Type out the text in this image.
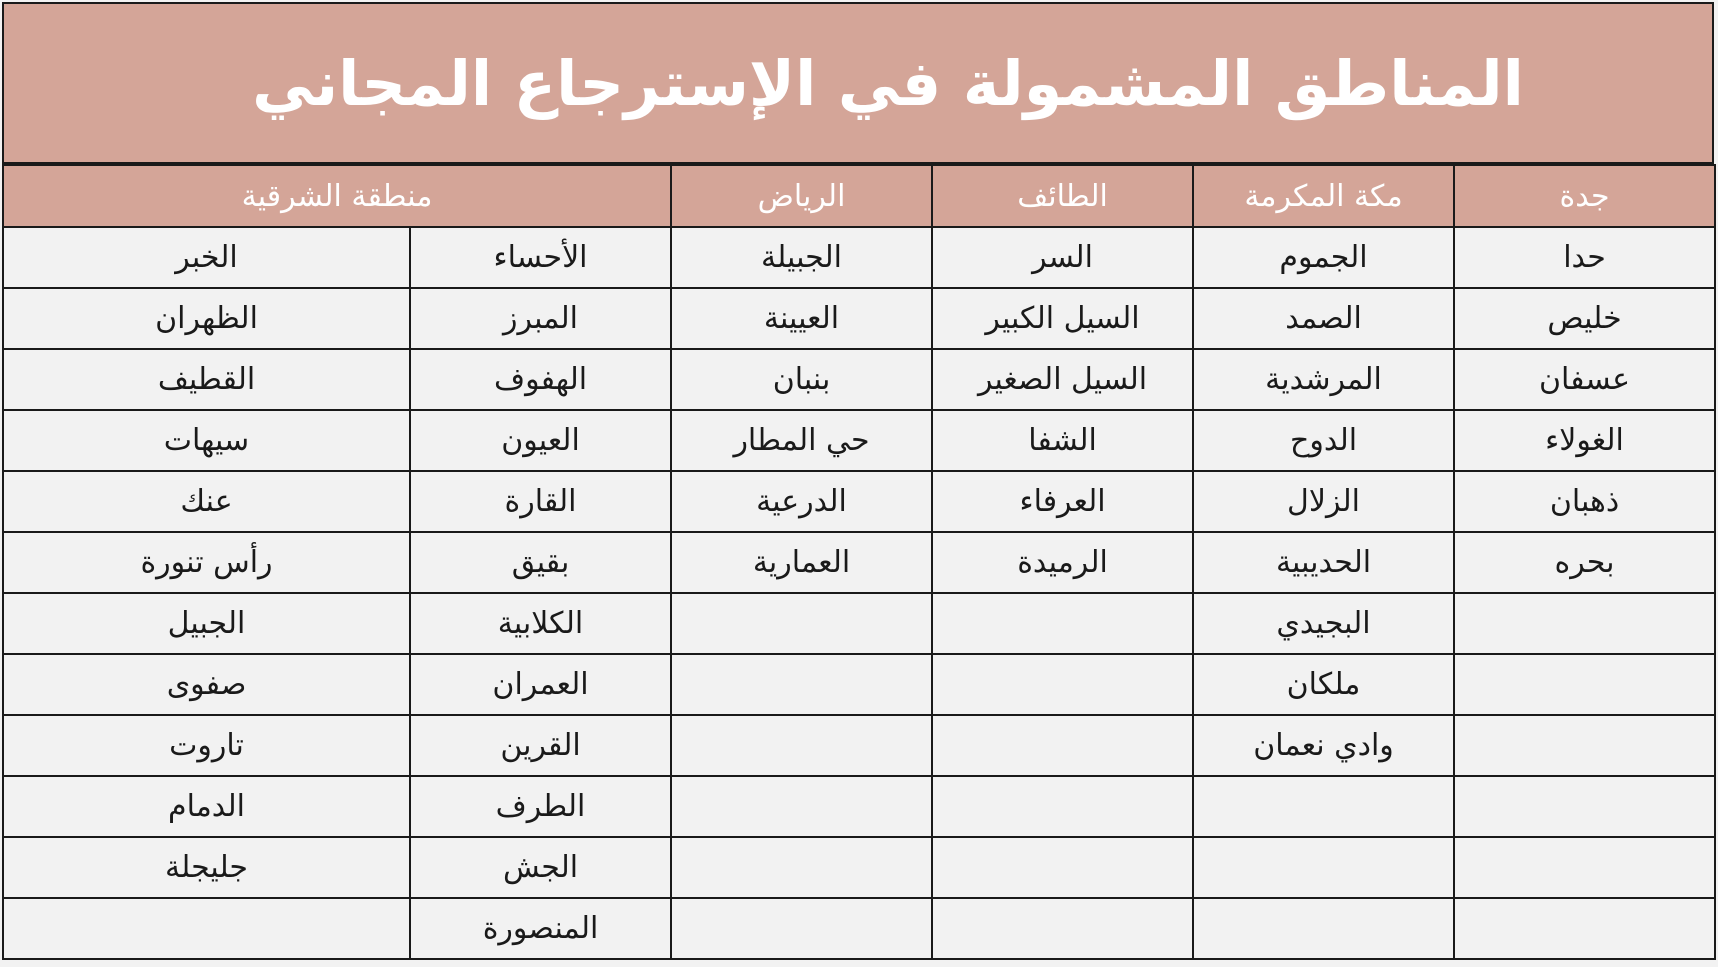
المناطق المشمولة في الإسترجاع المجاني
جدة	مكة المكرمة	الطائف	الرياض	منطقة الشرقية	
حدا	الجموم	السر	الجبيلة	الأحساء	الخبر
خليص	الصمد	السيل الكبير	العيينة	المبرز	الظهران
عسفان	المرشدية	السيل الصغير	بنبان	الهفوف	القطيف
الغولاء	الدوح	الشفا	حي المطار	العيون	سيهات
ذهبان	الزلال	العرفاء	الدرعية	القارة	عنك
بحره	الحديبية	الرميدة	العمارية	بقيق	رأس تنورة
	البجيدي			الكلابية	الجبيل
	ملكان			العمران	صفوى
	وادي نعمان			القرين	تاروت
				الطرف	الدمام
				الجش	جليجلة
				المنصورة	
